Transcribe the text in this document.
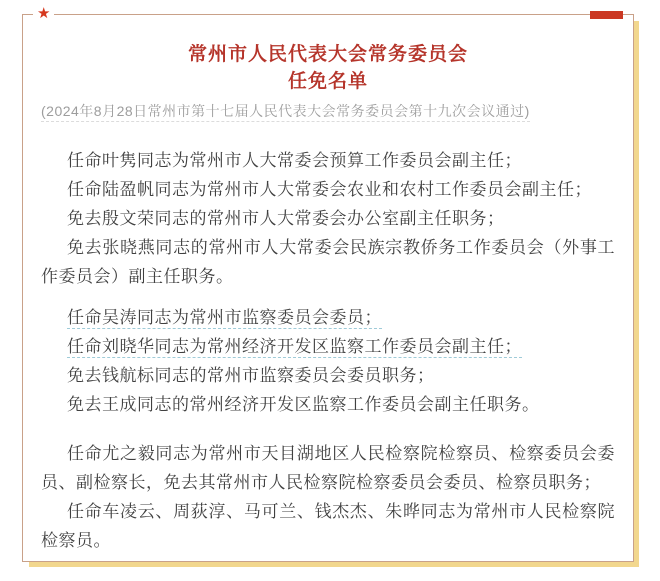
★
常州市人民代表大会常务委员会
任免名单
(2024年8月28日常州市第十七届人民代表大会常务委员会第十九次会议通过)

任命叶隽同志为常州市人大常委会预算工作委员会副主任；

任命陆盈帆同志为常州市人大常委会农业和农村工作委员会副主任；

免去殷文荣同志的常州市人大常委会办公室副主任职务；

免去张晓燕同志的常州市人大常委会民族宗教侨务工作委员会（外事工作委员会）副主任职务。

任命吴涛同志为常州市监察委员会委员；

任命刘晓华同志为常州经济开发区监察工作委员会副主任；

免去钱航标同志的常州市监察委员会委员职务；

免去王成同志的常州经济开发区监察工作委员会副主任职务。

任命尤之毅同志为常州市天目湖地区人民检察院检察员、检察委员会委员、副检察长，免去其常州市人民检察院检察委员会委员、检察员职务；

任命车凌云、周荻淳、马可兰、钱杰杰、朱晔同志为常州市人民检察院检察员。
